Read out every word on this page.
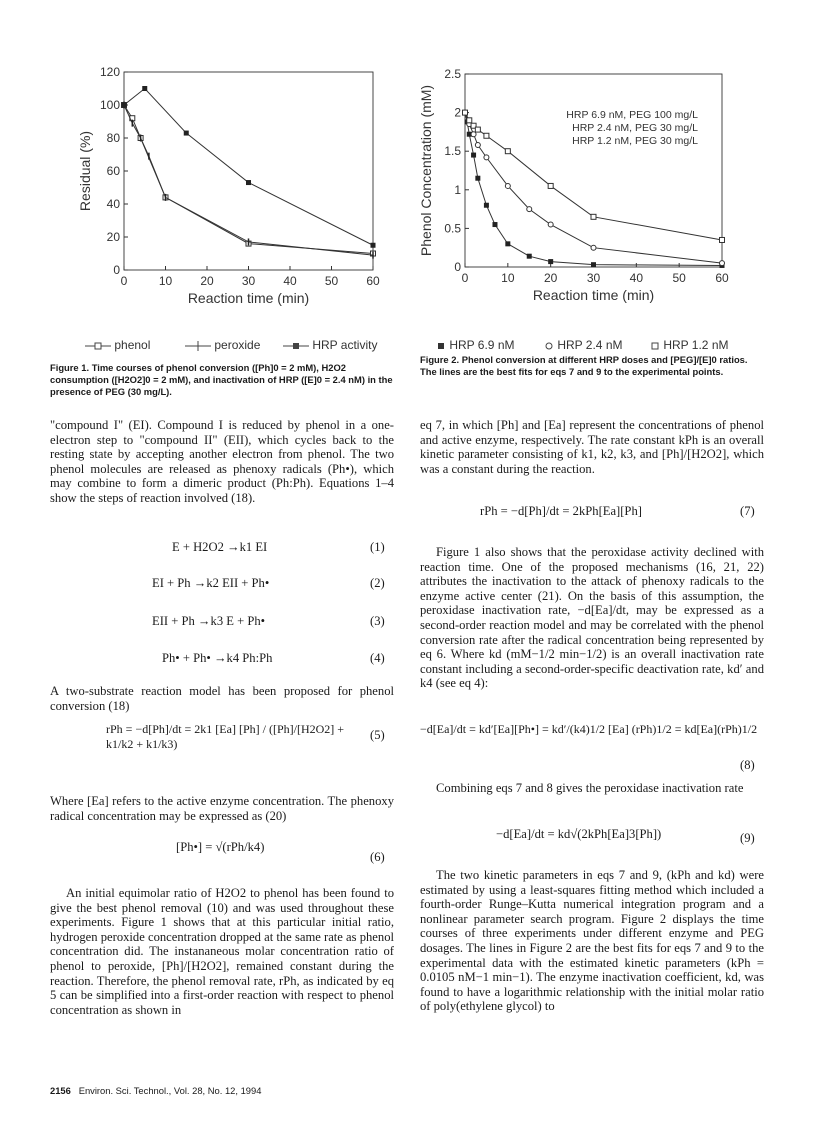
0	10 20 30 40 50 60
0
20
40
60
80
100
120
Reaction time (min)
Residual (%)
0	10 20 30 40 50 60
0
0.5
1
1.5
2
2.5
Reaction time (min)
Phenol Concentration (mM)	HRP 6.9 nM, PEG 100 mg/L
HRP 2.4 nM, PEG 30 mg/L
HRP 1.2 nM, PEG 30 mg/L
phenol	peroxide	HRP activity	HRP 6.9 nM	HRP 2.4 nM	HRP 1.2 nM
Figure 1. Time courses of phenol conversion ([Ph]0 = 2 mM), H2O2 consumption ([H2O2]0 = 2 mM), and inactivation of HRP ([E]0 = 2.4 nM) in the presence of PEG (30 mg/L).
Figure 2. Phenol conversion at different HRP doses and [PEG]/[E]0 ratios. The lines are the best fits for eqs 7 and 9 to the experimental points.

"compound I" (EI). Compound I is reduced by phenol in a one-electron step to "compound II" (EII), which cycles back to the resting state by accepting another electron from phenol. The two phenol molecules are released as phenoxy radicals (Ph•), which may combine to form a dimeric product (Ph:Ph). Equations 1–4 show the steps of reaction involved (18).

E + H2O2 →k1 EI	(1)
EI + Ph →k2 EII + Ph•	(2)
EII + Ph →k3 E + Ph•	(3)
Ph• + Ph• →k4 Ph:Ph	(4)

A two-substrate reaction model has been proposed for phenol conversion (18)

rPh = −d[Ph]/dt = 2k1 [Ea] [Ph] / ([Ph]/[H2O2] + k1/k2 + k1/k3)
(5)

Where [Ea] refers to the active enzyme concentration. The phenoxy radical concentration may be expressed as (20)

[Ph•] = √(rPh/k4)
(6)

An initial equimolar ratio of H2O2 to phenol has been found to give the best phenol removal (10) and was used throughout these experiments. Figure 1 shows that at this particular initial ratio, hydrogen peroxide concentration dropped at the same rate as phenol concentration did. The instananeous molar concentration ratio of phenol to peroxide, [Ph]/[H2O2], remained constant during the reaction. Therefore, the phenol removal rate, rPh, as indicated by eq 5 can be simplified into a first-order reaction with respect to phenol concentration as shown in

eq 7, in which [Ph] and [Ea] represent the concentrations of phenol and active enzyme, respectively. The rate constant kPh is an overall kinetic parameter consisting of k1, k2, k3, and [Ph]/[H2O2], which was a constant during the reaction.

rPh = −d[Ph]/dt = 2kPh[Ea][Ph]	(7)

Figure 1 also shows that the peroxidase activity declined with reaction time. One of the proposed mechanisms (16, 21, 22) attributes the inactivation to the attack of phenoxy radicals to the enzyme active center (21). On the basis of this assumption, the peroxidase inactivation rate, −d[Ea]/dt, may be expressed as a second-order reaction model and may be correlated with the phenol conversion rate after the radical concentration being represented by eq 6. Where kd (mM−1/2 min−1/2) is an overall inactivation rate constant including a second-order-specific deactivation rate, kd′ and k4 (see eq 4):

−d[Ea]/dt = kd′[Ea][Ph•] = kd′/(k4)1/2 [Ea] (rPh)1/2 = kd[Ea](rPh)1/2
(8)

Combining eqs 7 and 8 gives the peroxidase inactivation rate

−d[Ea]/dt = kd√(2kPh[Ea]3[Ph])	(9)

The two kinetic parameters in eqs 7 and 9, (kPh and kd) were estimated by using a least-squares fitting method which included a fourth-order Runge–Kutta numerical integration program and a nonlinear parameter search program. Figure 2 displays the time courses of three experiments under different enzyme and PEG dosages. The lines in Figure 2 are the best fits for eqs 7 and 9 to the experimental data with the estimated kinetic parameters (kPh = 0.0105 nM−1 min−1). The enzyme inactivation coefficient, kd, was found to have a logarithmic relationship with the initial molar ratio of poly(ethylene glycol) to

2156 Environ. Sci. Technol., Vol. 28, No. 12, 1994
